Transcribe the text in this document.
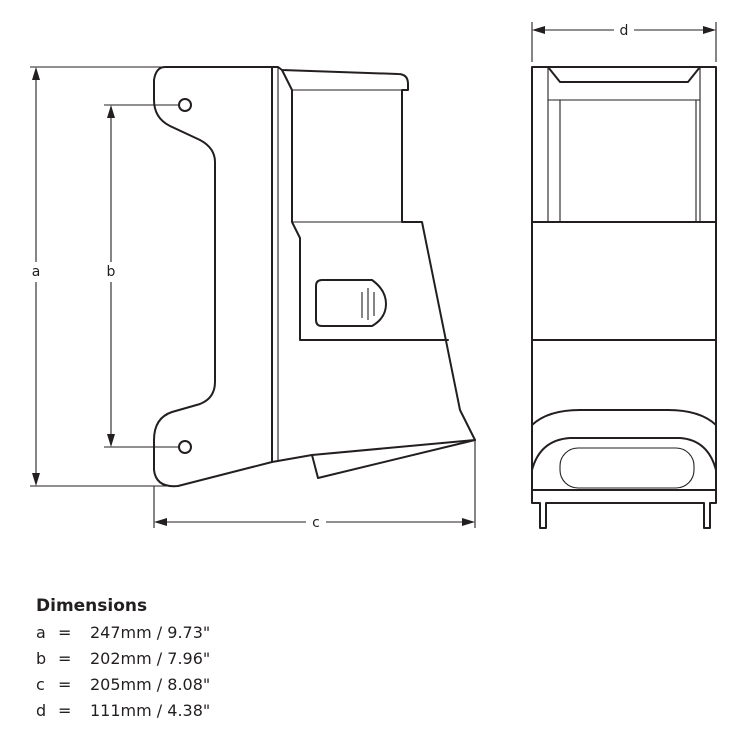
a	b
c
d
Dimensions
a =	247mm / 9.73"
b =	202mm / 7.96"
c =	205mm / 8.08"
d =	111mm / 4.38"
